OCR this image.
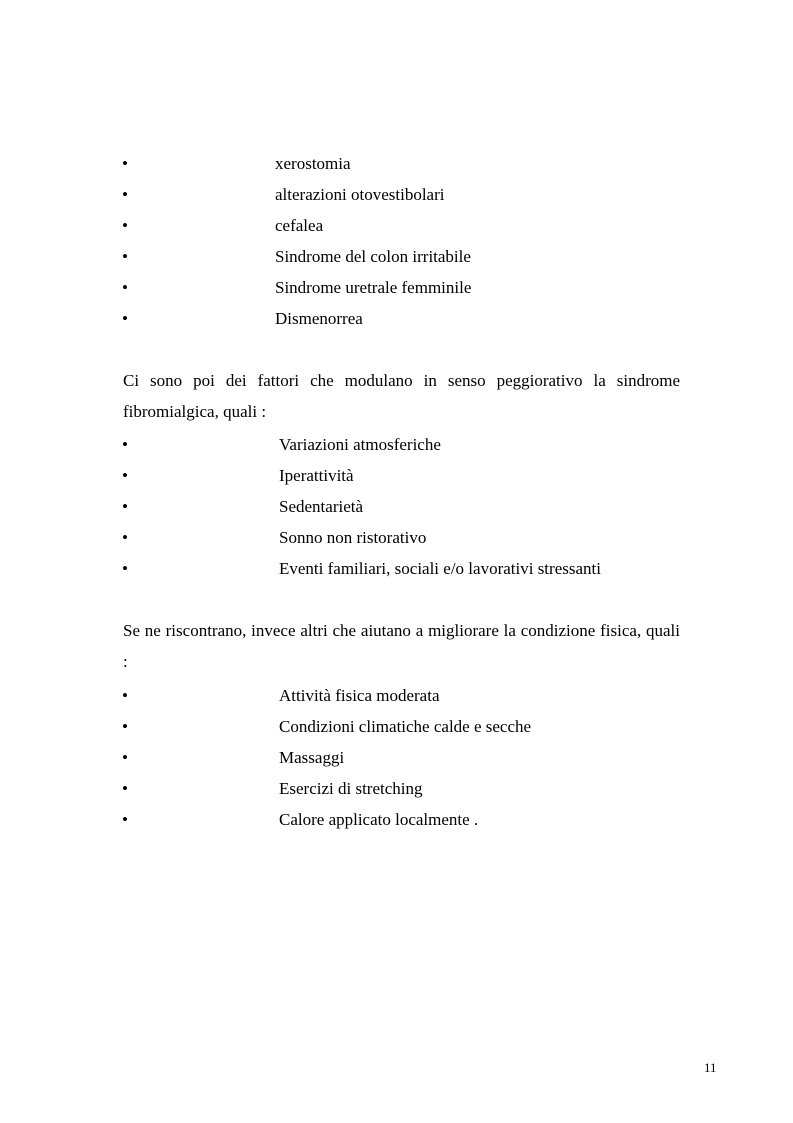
•	xerostomia
•	alterazioni otovestibolari
•	cefalea
•	Sindrome del colon irritabile
•	Sindrome uretrale femminile
•	Dismenorrea

Ci sono poi dei fattori che modulano in senso peggiorativo la sindrome fibromialgica, quali :

•	Variazioni atmosferiche
•	Iperattività
•	Sedentarietà
•	Sonno non ristorativo
•	Eventi familiari, sociali e/o lavorativi stressanti

Se ne riscontrano, invece altri che aiutano a migliorare la condizione fisica, quali :

•	Attività fisica moderata
•	Condizioni climatiche calde e secche
•	Massaggi
•	Esercizi di stretching
•	Calore applicato localmente .
11
